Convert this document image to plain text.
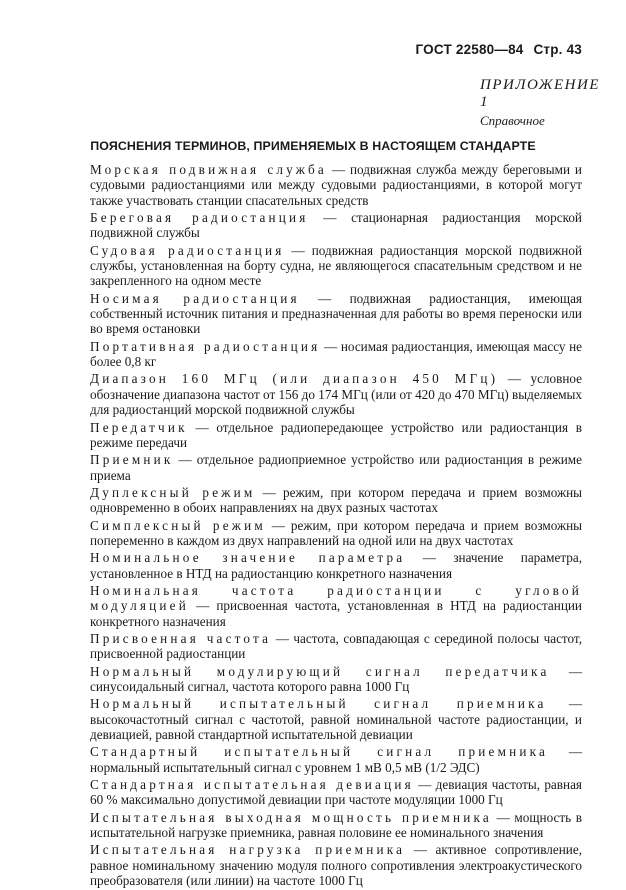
ГОСТ 22580—84 Стр. 43
ПРИЛОЖЕНИЕ 1
Справочное
ПОЯСНЕНИЯ ТЕРМИНОВ, ПРИМЕНЯЕМЫХ В НАСТОЯЩЕМ СТАНДАРТЕ

Морская подвижная служба — подвижная служба между береговыми и судовыми радиостанциями или между судовыми радиостанциями, в которой могут также участвовать станции спасательных средств

Береговая радиостанция — стационарная радиостанция морской подвижной службы

Судовая радиостанция — подвижная радиостанция морской подвижной службы, установленная на борту судна, не являющегося спасательным средством и не закрепленного на одном месте

Носимая радиостанция — подвижная радиостанция, имеющая собственный источник питания и предназначенная для работы во время переноски или во время остановки

Портативная радиостанция — носимая радиостанция, имеющая массу не более 0,8 кг

Диапазон 160 МГц (или диапазон 450 МГц) — условное обозначение диапазона частот от 156 до 174 МГц (или от 420 до 470 МГц) выделяемых для радиостанций морской подвижной службы

Передатчик — отдельное радиопередающее устройство или радиостанция в режиме передачи

Приемник — отдельное радиоприемное устройство или радиостанция в режиме приема

Дуплексный режим — режим, при котором передача и прием возможны одновременно в обоих направлениях на двух разных частотах

Симплексный режим — режим, при котором передача и прием возможны попеременно в каждом из двух направлений на одной или на двух частотах

Номинальное значение параметра — значение параметра, установленное в НТД на радиостанцию конкретного назначения

Номинальная частота радиостанции с угловой модуляцией — присвоенная частота, установленная в НТД на радиостанции конкретного назначения

Присвоенная частота — частота, совпадающая с серединой полосы частот, присвоенной радиостанции

Нормальный модулирующий сигнал передатчика — синусоидальный сигнал, частота которого равна 1000 Гц

Нормальный испытательный сигнал приемника — высокочастотный сигнал с частотой, равной номинальной частоте радиостанции, и девиацией, равной стандартной испытательной девиации

Стандартный испытательный сигнал приемника — нормальный испытательный сигнал с уровнем 1 мВ 0,5 мВ (1/2 ЭДС)

Стандартная испытательная девиация — девиация частоты, равная 60 % максимально допустимой девиации при частоте модуляции 1000 Гц

Испытательная выходная мощность приемника — мощность в испытательной нагрузке приемника, равная половине ее номинального значения

Испытательная нагрузка приемника — активное сопротивление, равное номинальному значению модуля полного сопротивления электроакустического преобразователя (или линии) на частоте 1000 Гц
